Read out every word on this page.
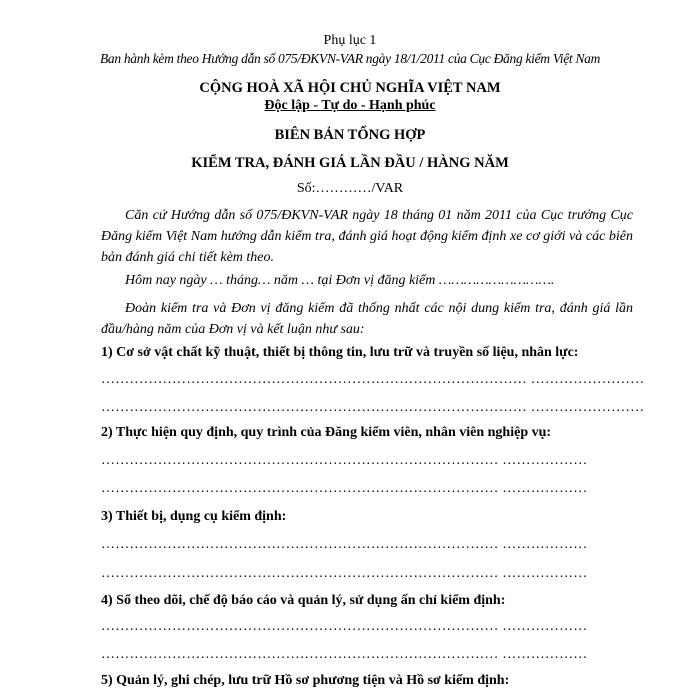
Phụ lục 1
Ban hành kèm theo Hướng dẫn số 075/ĐKVN-VAR ngày 18/1/2011 của Cục Đăng kiểm Việt Nam
CỘNG HOÀ XÃ HỘI CHỦ NGHĨA VIỆT NAM
Độc lập - Tự do - Hạnh phúc
BIÊN BẢN TỔNG HỢP
KIỂM TRA, ĐÁNH GIÁ LẦN ĐẦU / HÀNG NĂM
Số:…………/VAR
Căn cứ Hướng dẫn số 075/ĐKVN-VAR ngày 18 tháng 01 năm 2011 của Cục trưởng Cục Đăng kiểm Việt Nam hướng dẫn kiểm tra, đánh giá hoạt động kiểm định xe cơ giới và các biên bản đánh giá chi tiết kèm theo.
Hôm nay ngày … tháng… năm … tại Đơn vị đăng kiểm ……………………….
Đoàn kiểm tra và Đơn vị đăng kiểm đã thống nhất các nội dung kiểm tra, đánh giá lần đầu/hàng năm của Đơn vị và kết luận như sau:
1) Cơ sở vật chất kỹ thuật, thiết bị thông tin, lưu trữ và truyền số liệu, nhân lực:
……………………………………………………………………………… ……………………
……………………………………………………………………………… ……………………
2) Thực hiện quy định, quy trình của Đăng kiểm viên, nhân viên nghiệp vụ:
………………………………………………………………………… ………………
………………………………………………………………………… ………………
3) Thiết bị, dụng cụ kiểm định:
………………………………………………………………………… ………………
………………………………………………………………………… ………………
4) Sổ theo dõi, chế độ báo cáo và quản lý, sử dụng ấn chỉ kiểm định:
………………………………………………………………………… ………………
………………………………………………………………………… ………………
5) Quản lý, ghi chép, lưu trữ Hồ sơ phương tiện và Hồ sơ kiểm định:
